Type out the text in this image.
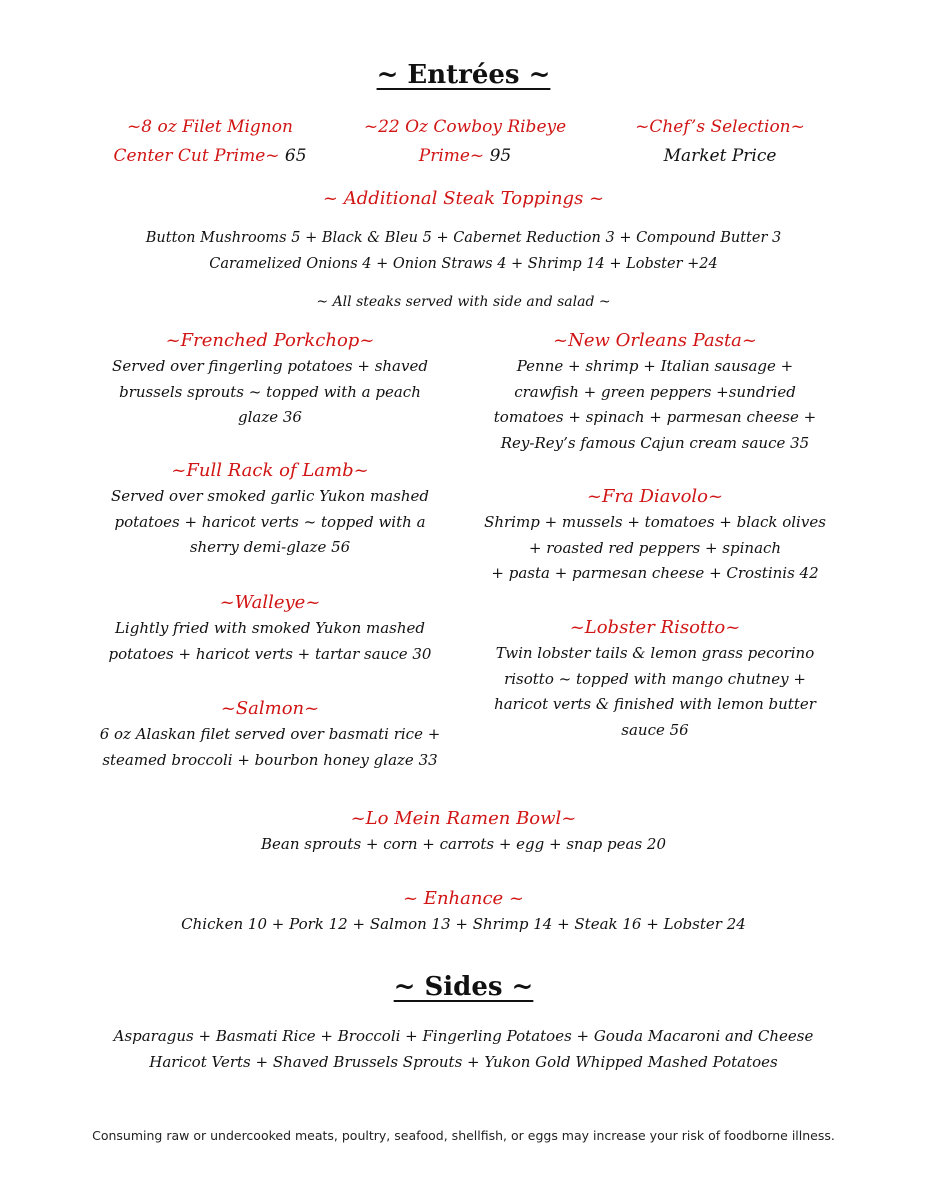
~ Entrées ~
~8 oz Filet Mignon
Center Cut Prime~ 65
~22 Oz Cowboy Ribeye
Prime~ 95
~Chef’s Selection~
Market Price
~ Additional Steak Toppings ~
Button Mushrooms 5 + Black & Bleu 5 + Cabernet Reduction 3 + Compound Butter 3
Caramelized Onions 4 + Onion Straws 4 + Shrimp 14 + Lobster +24
~ All steaks served with side and salad ~
~Frenched Porkchop~
Served over fingerling potatoes + shaved
brussels sprouts ~ topped with a peach
glaze 36
~Full Rack of Lamb~
Served over smoked garlic Yukon mashed
potatoes + haricot verts ~ topped with a
sherry demi-glaze 56
~Walleye~
Lightly fried with smoked Yukon mashed
potatoes + haricot verts + tartar sauce 30
~Salmon~
6 oz Alaskan filet served over basmati rice +
steamed broccoli + bourbon honey glaze 33
~New Orleans Pasta~
Penne + shrimp + Italian sausage +
crawfish + green peppers +sundried
tomatoes + spinach + parmesan cheese +
Rey-Rey’s famous Cajun cream sauce 35
~Fra Diavolo~
Shrimp + mussels + tomatoes + black olives
+ roasted red peppers + spinach
+ pasta + parmesan cheese + Crostinis 42
~Lobster Risotto~
Twin lobster tails & lemon grass pecorino
risotto ~ topped with mango chutney +
haricot verts & finished with lemon butter
sauce 56
~Lo Mein Ramen Bowl~
Bean sprouts + corn + carrots + egg + snap peas 20
~ Enhance ~
Chicken 10 + Pork 12 + Salmon 13 + Shrimp 14 + Steak 16 + Lobster 24
~ Sides ~
Asparagus + Basmati Rice + Broccoli + Fingerling Potatoes + Gouda Macaroni and Cheese
Haricot Verts + Shaved Brussels Sprouts + Yukon Gold Whipped Mashed Potatoes
Consuming raw or undercooked meats, poultry, seafood, shellfish, or eggs may increase your risk of foodborne illness.
